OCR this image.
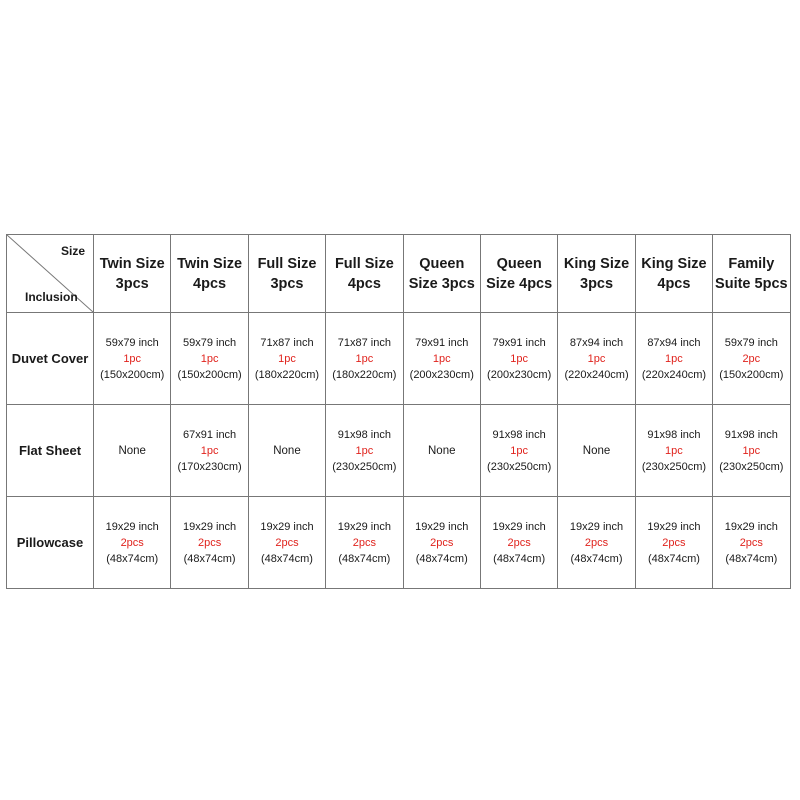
Size
Inclusion	Twin Size
3pcs	Twin Size
4pcs	Full Size
3pcs	Full Size
4pcs	Queen
Size 3pcs	Queen
Size 4pcs	King Size
3pcs	King Size
4pcs	Family
Suite 5pcs

Duvet Cover	59x79 inch
1pc
(150x200cm)	59x79 inch
1pc
(150x200cm)	71x87 inch
1pc
(180x220cm)	71x87 inch
1pc
(180x220cm)	79x91 inch
1pc
(200x230cm)	79x91 inch
1pc
(200x230cm)	87x94 inch
1pc
(220x240cm)	87x94 inch
1pc
(220x240cm)	59x79 inch
2pc
(150x200cm)

Flat Sheet	None	67x91 inch
1pc
(170x230cm)	None	91x98 inch
1pc
(230x250cm)	None	91x98 inch
1pc
(230x250cm)	None	91x98 inch
1pc
(230x250cm)	91x98 inch
1pc
(230x250cm)

Pillowcase	19x29 inch
2pcs
(48x74cm)	19x29 inch
2pcs
(48x74cm)	19x29 inch
2pcs
(48x74cm)	19x29 inch
2pcs
(48x74cm)	19x29 inch
2pcs
(48x74cm)	19x29 inch
2pcs
(48x74cm)	19x29 inch
2pcs
(48x74cm)	19x29 inch
2pcs
(48x74cm)	19x29 inch
2pcs
(48x74cm)
